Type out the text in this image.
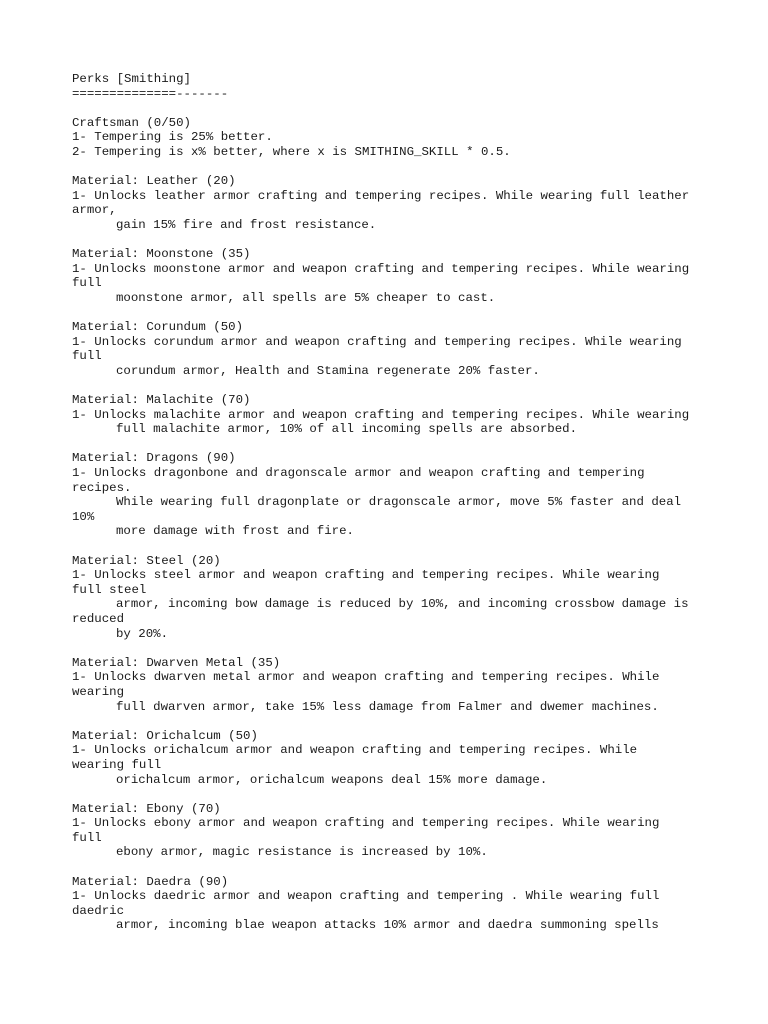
Perks [Smithing]
==============-------
Craftsman (0/50)
1- Tempering is 25% better.
2- Tempering is x% better, where x is SMITHING_SKILL * 0.5.
Material: Leather (20)
1- Unlocks leather armor crafting and tempering recipes. While wearing full leather
armor,
gain 15% fire and frost resistance.
Material: Moonstone (35)
1- Unlocks moonstone armor and weapon crafting and tempering recipes. While wearing
full
moonstone armor, all spells are 5% cheaper to cast.
Material: Corundum (50)
1- Unlocks corundum armor and weapon crafting and tempering recipes. While wearing
full
corundum armor, Health and Stamina regenerate 20% faster.
Material: Malachite (70)
1- Unlocks malachite armor and weapon crafting and tempering recipes. While wearing
full malachite armor, 10% of all incoming spells are absorbed.
Material: Dragons (90)
1- Unlocks dragonbone and dragonscale armor and weapon crafting and tempering
recipes.
While wearing full dragonplate or dragonscale armor, move 5% faster and deal
10%
more damage with frost and fire.
Material: Steel (20)
1- Unlocks steel armor and weapon crafting and tempering recipes. While wearing
full steel
armor, incoming bow damage is reduced by 10%, and incoming crossbow damage is
reduced
by 20%.
Material: Dwarven Metal (35)
1- Unlocks dwarven metal armor and weapon crafting and tempering recipes. While
wearing
full dwarven armor, take 15% less damage from Falmer and dwemer machines.
Material: Orichalcum (50)
1- Unlocks orichalcum armor and weapon crafting and tempering recipes. While
wearing full
orichalcum armor, orichalcum weapons deal 15% more damage.
Material: Ebony (70)
1- Unlocks ebony armor and weapon crafting and tempering recipes. While wearing
full
ebony armor, magic resistance is increased by 10%.
Material: Daedra (90)
1- Unlocks daedric armor and weapon crafting and tempering . While wearing full
daedric
armor, incoming blae weapon attacks 10% armor and daedra summoning spells
